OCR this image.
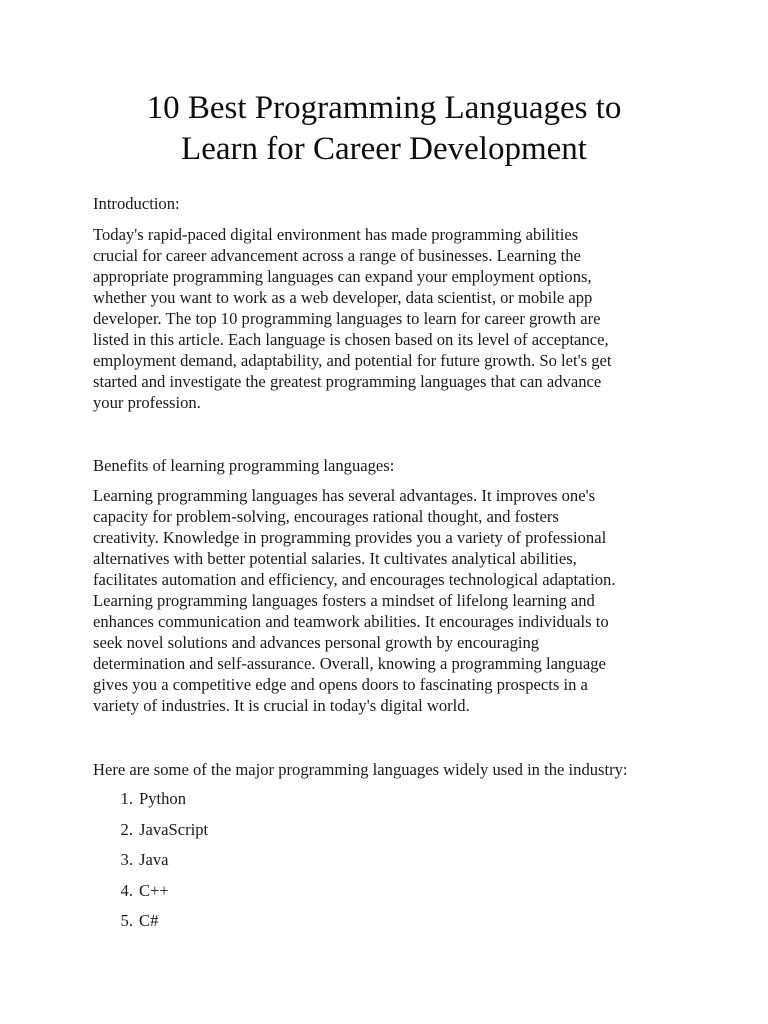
10 Best Programming Languages to
Learn for Career Development

Introduction:

Today's rapid-paced digital environment has made programming abilities
crucial for career advancement across a range of businesses. Learning the
appropriate programming languages can expand your employment options,
whether you want to work as a web developer, data scientist, or mobile app
developer. The top 10 programming languages to learn for career growth are
listed in this article. Each language is chosen based on its level of acceptance,
employment demand, adaptability, and potential for future growth. So let's get
started and investigate the greatest programming languages that can advance
your profession.

Benefits of learning programming languages:

Learning programming languages has several advantages. It improves one's
capacity for problem-solving, encourages rational thought, and fosters
creativity. Knowledge in programming provides you a variety of professional
alternatives with better potential salaries. It cultivates analytical abilities,
facilitates automation and efficiency, and encourages technological adaptation.
Learning programming languages fosters a mindset of lifelong learning and
enhances communication and teamwork abilities. It encourages individuals to
seek novel solutions and advances personal growth by encouraging
determination and self-assurance. Overall, knowing a programming language
gives you a competitive edge and opens doors to fascinating prospects in a
variety of industries. It is crucial in today's digital world.

Here are some of the major programming languages widely used in the industry:

1. Python
2. JavaScript
3. Java
4. C++
5. C#
